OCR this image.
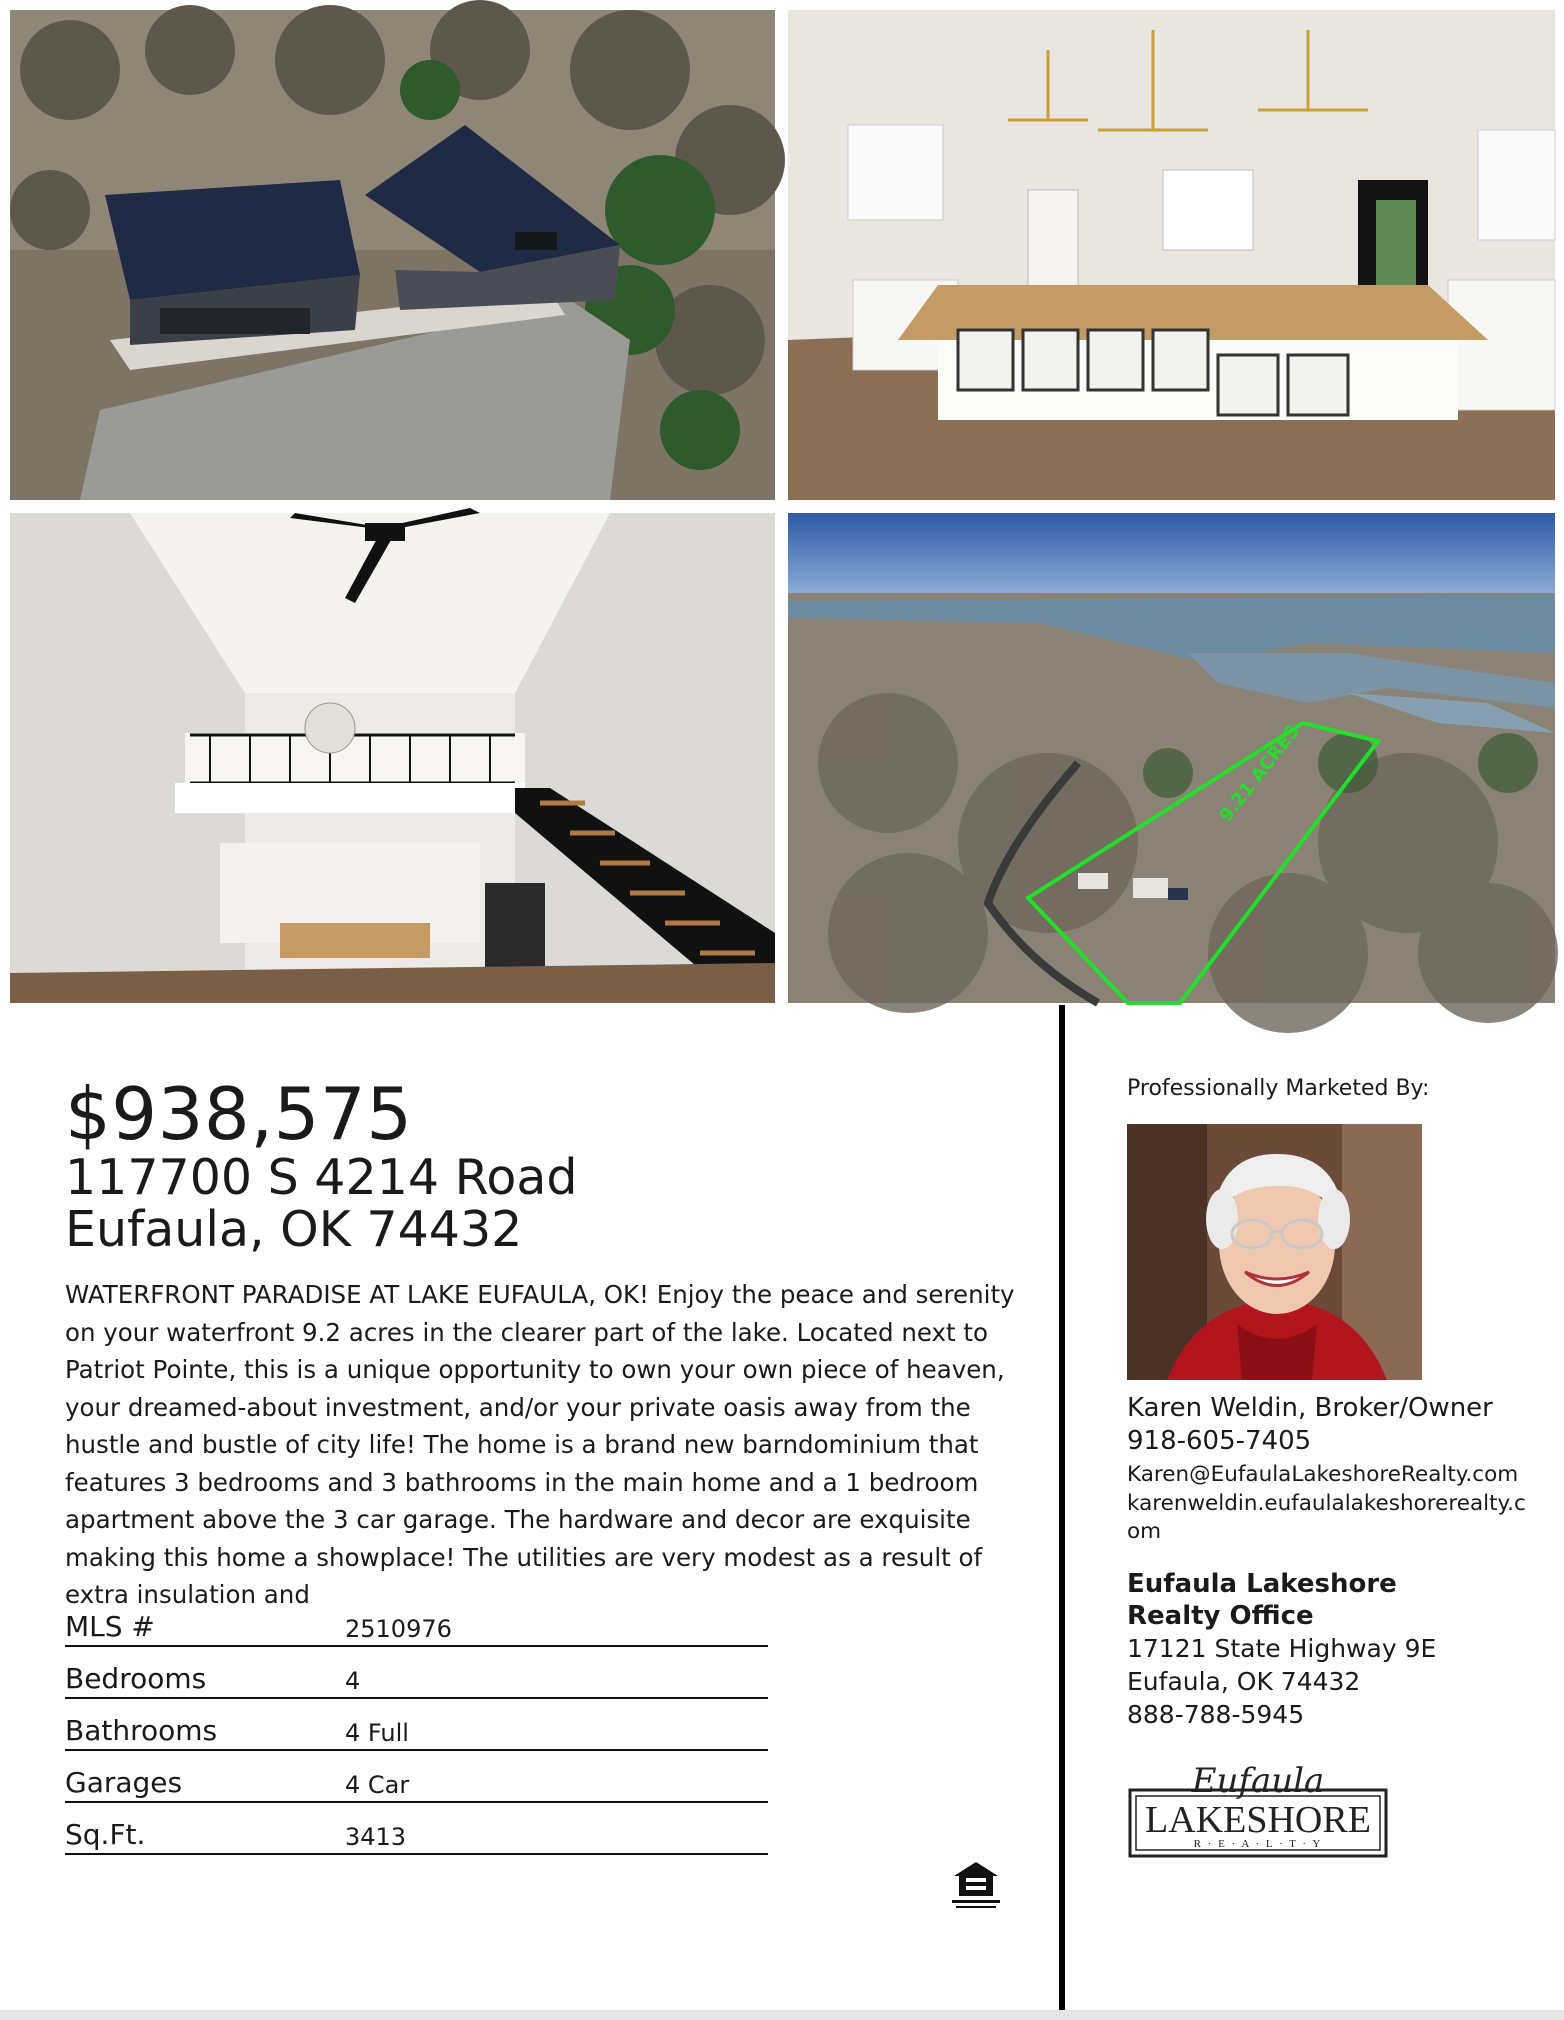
9.21 ACRES
$938,575
117700 S 4214 Road
Eufaula, OK 74432
WATERFRONT PARADISE AT LAKE EUFAULA, OK! Enjoy the peace and serenity on your waterfront 9.2 acres in the clearer part of the lake. Located next to Patriot Pointe, this is a unique opportunity to own your own piece of heaven, your dreamed-about investment, and/or your private oasis away from the hustle and bustle of city life! The home is a brand new barndominium that features 3 bedrooms and 3 bathrooms in the main home and a 1 bedroom apartment above the 3 car garage. The hardware and decor are exquisite making this home a showplace! The utilities are very modest as a result of extra insulation and
MLS #	2510976
Bedrooms	4
Bathrooms	4 Full
Garages	4 Car
Sq.Ft.	3413
Professionally Marketed By:
Karen Weldin, Broker/Owner
918-605-7405
Karen@EufaulaLakeshoreRealty.com
karenweldin.eufaulalakeshorerealty.com
Eufaula Lakeshore Realty Office
17121 State Highway 9E
Eufaula, OK 74432
888-788-5945
Eufaula
LAKESHORE
R · E · A · L · T · Y
